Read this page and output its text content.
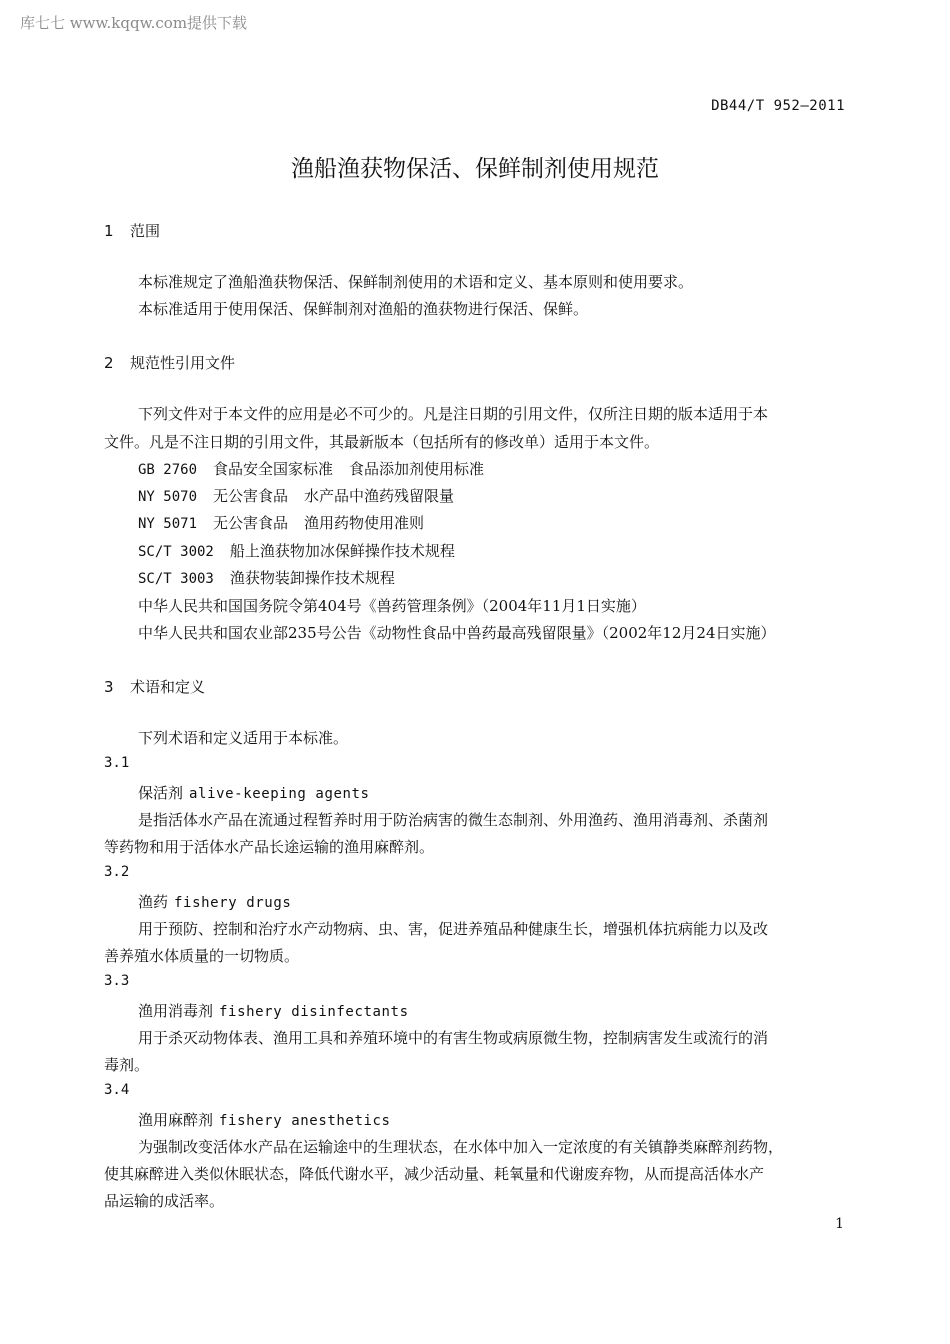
库七七 www.kqqw.com提供下载
DB44/T 952—2011
渔船渔获物保活、保鲜制剂使用规范
1 范围
本标准规定了渔船渔获物保活、保鲜制剂使用的术语和定义、基本原则和使用要求。
本标准适用于使用保活、保鲜制剂对渔船的渔获物进行保活、保鲜。
2 规范性引用文件
下列文件对于本文件的应用是必不可少的。凡是注日期的引用文件，仅所注日期的版本适用于本
文件。凡是不注日期的引用文件，其最新版本（包括所有的修改单）适用于本文件。
GB 2760 食品安全国家标准 食品添加剂使用标准
NY 5070 无公害食品 水产品中渔药残留限量
NY 5071 无公害食品 渔用药物使用准则
SC/T 3002 船上渔获物加冰保鲜操作技术规程
SC/T 3003 渔获物装卸操作技术规程
中华人民共和国国务院令第404号《兽药管理条例》（2004年11月1日实施）
中华人民共和国农业部235号公告《动物性食品中兽药最高残留限量》（2002年12月24日实施）
3 术语和定义
下列术语和定义适用于本标准。
3.1
保活剂 alive-keeping agents
是指活体水产品在流通过程暂养时用于防治病害的微生态制剂、外用渔药、渔用消毒剂、杀菌剂
等药物和用于活体水产品长途运输的渔用麻醉剂。
3.2
渔药 fishery drugs
用于预防、控制和治疗水产动物病、虫、害，促进养殖品种健康生长，增强机体抗病能力以及改
善养殖水体质量的一切物质。
3.3
渔用消毒剂 fishery disinfectants
用于杀灭动物体表、渔用工具和养殖环境中的有害生物或病原微生物，控制病害发生或流行的消
毒剂。
3.4
渔用麻醉剂 fishery anesthetics
为强制改变活体水产品在运输途中的生理状态，在水体中加入一定浓度的有关镇静类麻醉剂药物，
使其麻醉进入类似休眠状态，降低代谢水平，减少活动量、耗氧量和代谢废弃物，从而提高活体水产
品运输的成活率。
1
